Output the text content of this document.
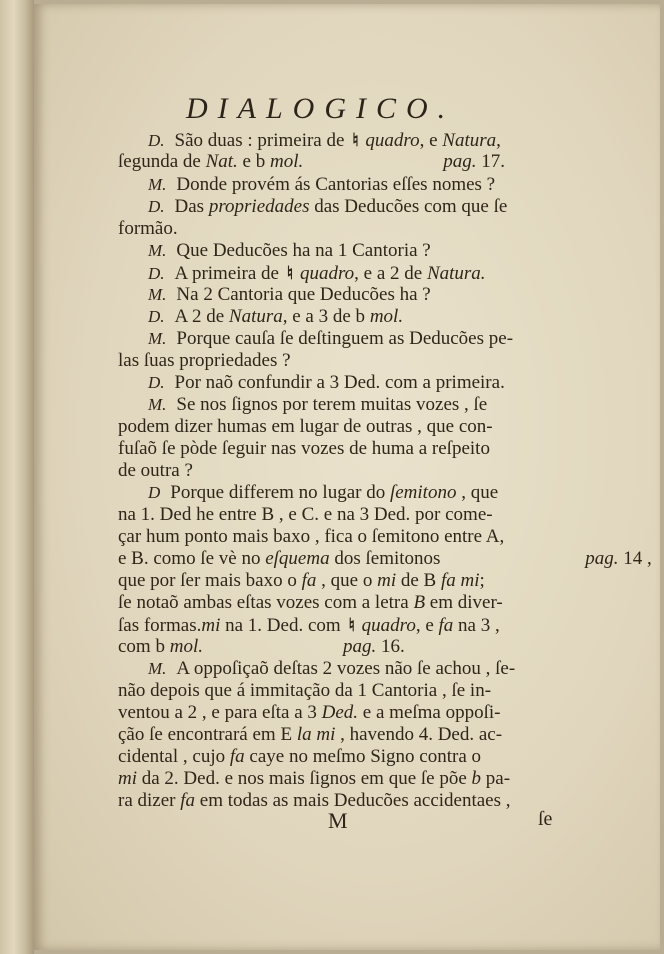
DIALOGICO.
D. São duas : primeira de ♮ quadro, e Natura,
ſegunda de Nat. e b mol.	pag. 17.
M. Donde provém ás Cantorias eſſes nomes ?
D. Das propriedades das Deducões com que ſe
formão.
M. Que Deducões ha na 1 Cantoria ?
D. A primeira de ♮ quadro, e a 2 de Natura.
M. Na 2 Cantoria que Deducões ha ?
D. A 2 de Natura, e a 3 de b mol.
M. Porque cauſa ſe deſtinguem as Deducões pe-
las ſuas propriedades ?
D. Por naõ confundir a 3 Ded. com a primeira.
M. Se nos ſignos por terem muitas vozes , ſe
podem dizer humas em lugar de outras , que con-
fuſaõ ſe pòde ſeguir nas vozes de huma a reſpeito
de outra ?
D Porque differem no lugar do ſemitono , que
na 1. Ded he entre B , e C. e na 3 Ded. por come-
çar hum ponto mais baxo , fica o ſemitono entre A,
e B. como ſe vè no eſquema dos ſemitonos	pag. 14 ,
que por ſer mais baxo o fa , que o mi de B fa mi;
ſe notaõ ambas eſtas vozes com a letra B em diver-
ſas formas.mi na 1. Ded. com ♮ quadro, e fa na 3 ,
com b mol.	pag. 16.
M. A oppoſiçaõ deſtas 2 vozes não ſe achou , ſe-
não depois que á immitação da 1 Cantoria , ſe in-
ventou a 2 , e para eſta a 3 Ded. e a meſma oppoſi-
ção ſe encontrará em E la mi , havendo 4. Ded. ac-
cidental , cujo fa caye no meſmo Signo contra o
mi da 2. Ded. e nos mais ſignos em que ſe põe b pa-
ra dizer fa em todas as mais Deducões accidentaes ,
M	ſe
